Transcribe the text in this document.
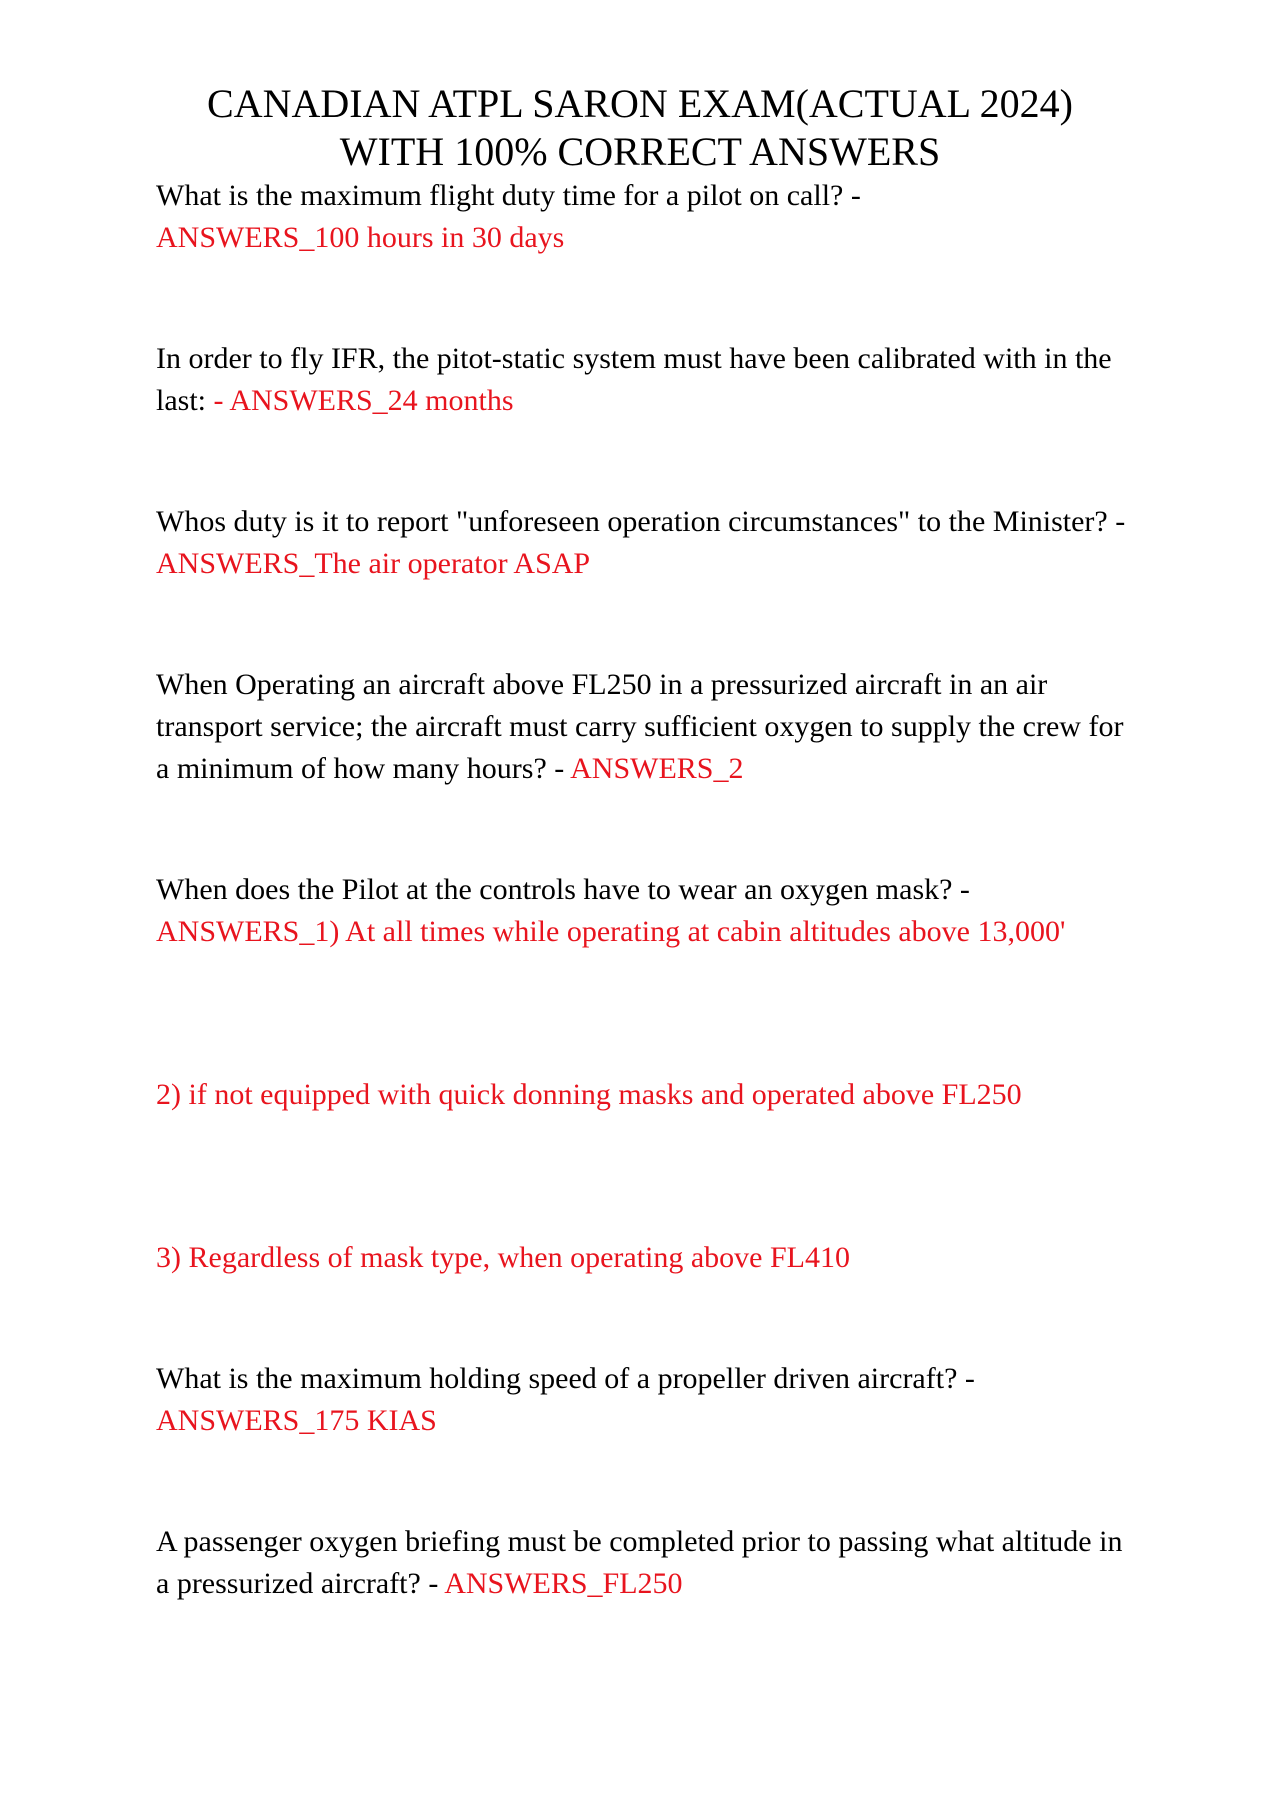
CANADIAN ATPL SARON EXAM(ACTUAL 2024)
WITH 100% CORRECT ANSWERS
What is the maximum flight duty time for a pilot on call? -
ANSWERS_100 hours in 30 days
In order to fly IFR, the pitot-static system must have been calibrated with in the last: - ANSWERS_24 months
Whos duty is it to report "unforeseen operation circumstances" to the Minister? - ANSWERS_The air operator ASAP
When Operating an aircraft above FL250 in a pressurized aircraft in an air transport service; the aircraft must carry sufficient oxygen to supply the crew for a minimum of how many hours? - ANSWERS_2
When does the Pilot at the controls have to wear an oxygen mask? -
ANSWERS_1) At all times while operating at cabin altitudes above 13,000'
2) if not equipped with quick donning masks and operated above FL250
3) Regardless of mask type, when operating above FL410
What is the maximum holding speed of a propeller driven aircraft? -
ANSWERS_175 KIAS
A passenger oxygen briefing must be completed prior to passing what altitude in a pressurized aircraft? - ANSWERS_FL250
